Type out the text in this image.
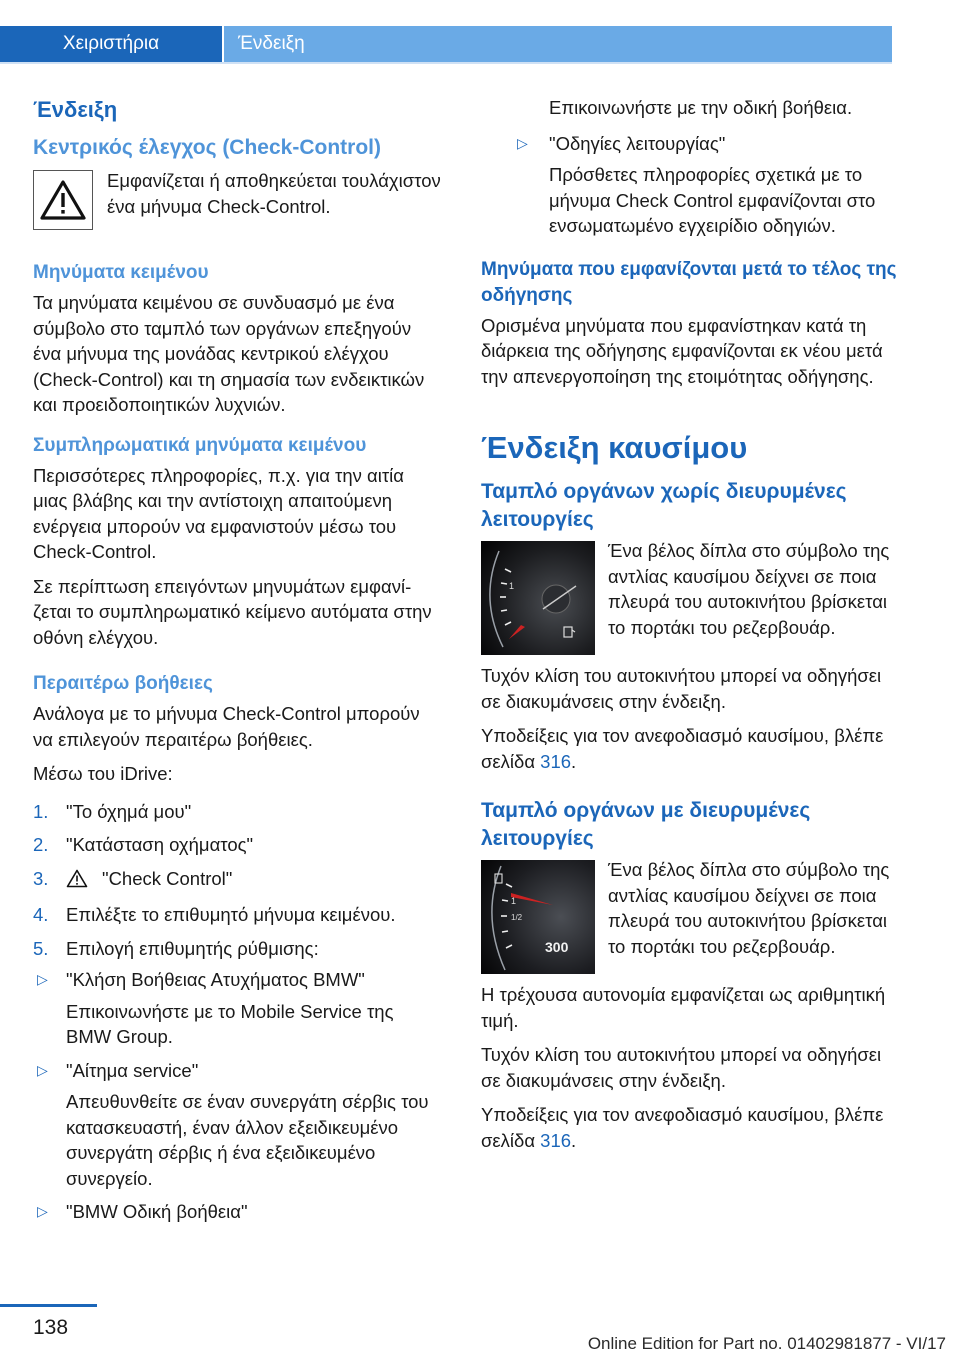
Χειριστήρια	Ένδειξη
Ένδειξη
Κεντρικός έλεγχος (Check-Control)
Εμφανίζεται ή αποθηκεύεται τουλάχιστον ένα μήνυμα Check-Control.
Μηνύματα κειμένου

Τα μηνύματα κειμένου σε συνδυασμό με ένα σύμβολο στο ταμπλό των οργάνων επεξηγούν ένα μήνυμα της μονάδας κεντρικού ελέγχου (Check-Control) και τη σημασία των ενδεικτικών και προειδοποιητικών λυχνιών.

Συμπληρωματικά μηνύματα κειμένου

Περισσότερες πληροφορίες, π.χ. για την αιτία μιας βλάβης και την αντίστοιχη απαιτούμενη ενέργεια μπορούν να εμφανιστούν μέσω του Check-Control.

Σε περίπτωση επειγόντων μηνυμάτων εμφανίζεται το συμπληρωματικό κείμενο αυτόματα στην οθόνη ελέγχου.

Περαιτέρω βοήθειες

Ανάλογα με το μήνυμα Check-Control μπορούν να επιλεγούν περαιτέρω βοήθειες.

Μέσω του iDrive:

1. "Το όχημά μου"
2. "Κατάσταση οχήματος"
3.	"Check Control"
4. Επιλέξτε το επιθυμητό μήνυμα κειμένου.
5. Επιλογή επιθυμητής ρύθμισης:
▷ "Κλήση Βοήθειας Ατυχήματος BMW"
Επικοινωνήστε με το Mobile Service της BMW Group.
▷ "Αίτημα service"
Απευθυνθείτε σε έναν συνεργάτη σέρβις του κατασκευαστή, έναν άλλον εξειδικευμένο συνεργάτη σέρβις ή ένα εξειδικευμένο συνεργείο.
▷ "BMW Οδική βοήθεια"

Επικοινωνήστε με την οδική βοήθεια.

▷ "Οδηγίες λειτουργίας"
Πρόσθετες πληροφορίες σχετικά με το μήνυμα Check Control εμφανίζονται στο ενσωματωμένο εγχειρίδιο οδηγιών.
Μηνύματα που εμφανίζονται μετά το τέλος της οδήγησης

Ορισμένα μηνύματα που εμφανίστηκαν κατά τη διάρκεια της οδήγησης εμφανίζονται εκ νέου μετά την απενεργοποίηση της ετοιμότητας οδήγησης.

Ένδειξη καυσίμου
Ταμπλό οργάνων χωρίς διευρυμένες λειτουργίες
1
Ένα βέλος δίπλα στο σύμβολο της αντλίας καυσίμου δείχνει σε ποια πλευρά του αυτοκινήτου βρίσκεται το πορτάκι του ρεζερβουάρ.

Τυχόν κλίση του αυτοκινήτου μπορεί να οδηγήσει σε διακυμάνσεις στην ένδειξη.

Υποδείξεις για τον ανεφοδιασμό καυσίμου, βλέπε σελίδα 316.

Ταμπλό οργάνων με διευρυμένες λειτουργίες
1
1/2
300
Ένα βέλος δίπλα στο σύμβολο της αντλίας καυσίμου δείχνει σε ποια πλευρά του αυτοκινήτου βρίσκεται το πορτάκι του ρεζερβουάρ.

Η τρέχουσα αυτονομία εμφανίζεται ως αριθμητική τιμή.

Τυχόν κλίση του αυτοκινήτου μπορεί να οδηγήσει σε διακυμάνσεις στην ένδειξη.

Υποδείξεις για τον ανεφοδιασμό καυσίμου, βλέπε σελίδα 316.

138
Online Edition for Part no. 01402981877 - VI/17
